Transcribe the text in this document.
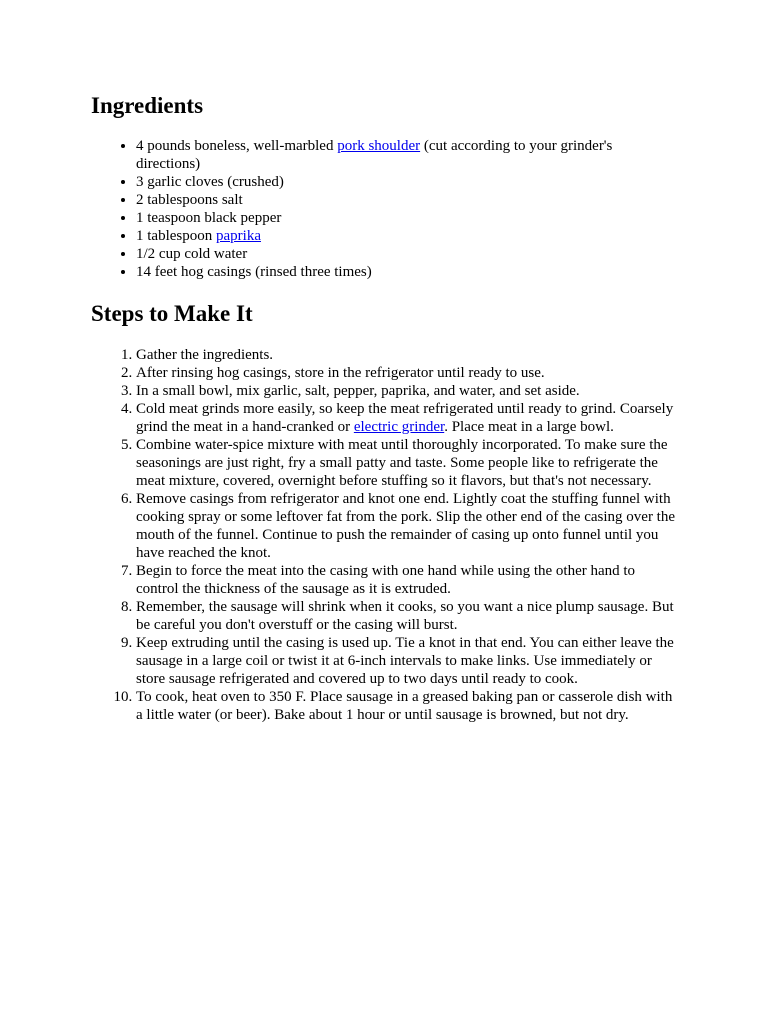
Ingredients
• 4 pounds boneless, well-marbled pork shoulder (cut according to your grinder's directions)
• 3 garlic cloves (crushed)
• 2 tablespoons salt
• 1 teaspoon black pepper
• 1 tablespoon paprika
• 1/2 cup cold water
• 14 feet hog casings (rinsed three times)
Steps to Make It
1. Gather the ingredients.
2. After rinsing hog casings, store in the refrigerator until ready to use.
3. In a small bowl, mix garlic, salt, pepper, paprika, and water, and set aside.
4. Cold meat grinds more easily, so keep the meat refrigerated until ready to grind. Coarsely grind the meat in a hand-cranked or electric grinder. Place meat in a large bowl.
5. Combine water-spice mixture with meat until thoroughly incorporated. To make sure the seasonings are just right, fry a small patty and taste. Some people like to refrigerate the meat mixture, covered, overnight before stuffing so it flavors, but that's not necessary.
6. Remove casings from refrigerator and knot one end. Lightly coat the stuffing funnel with cooking spray or some leftover fat from the pork. Slip the other end of the casing over the mouth of the funnel. Continue to push the remainder of casing up onto funnel until you have reached the knot.
7. Begin to force the meat into the casing with one hand while using the other hand to control the thickness of the sausage as it is extruded.
8. Remember, the sausage will shrink when it cooks, so you want a nice plump sausage. But be careful you don't overstuff or the casing will burst.
9. Keep extruding until the casing is used up. Tie a knot in that end. You can either leave the sausage in a large coil or twist it at 6-inch intervals to make links. Use immediately or store sausage refrigerated and covered up to two days until ready to cook.
10. To cook, heat oven to 350 F. Place sausage in a greased baking pan or casserole dish with a little water (or beer). Bake about 1 hour or until sausage is browned, but not dry.
